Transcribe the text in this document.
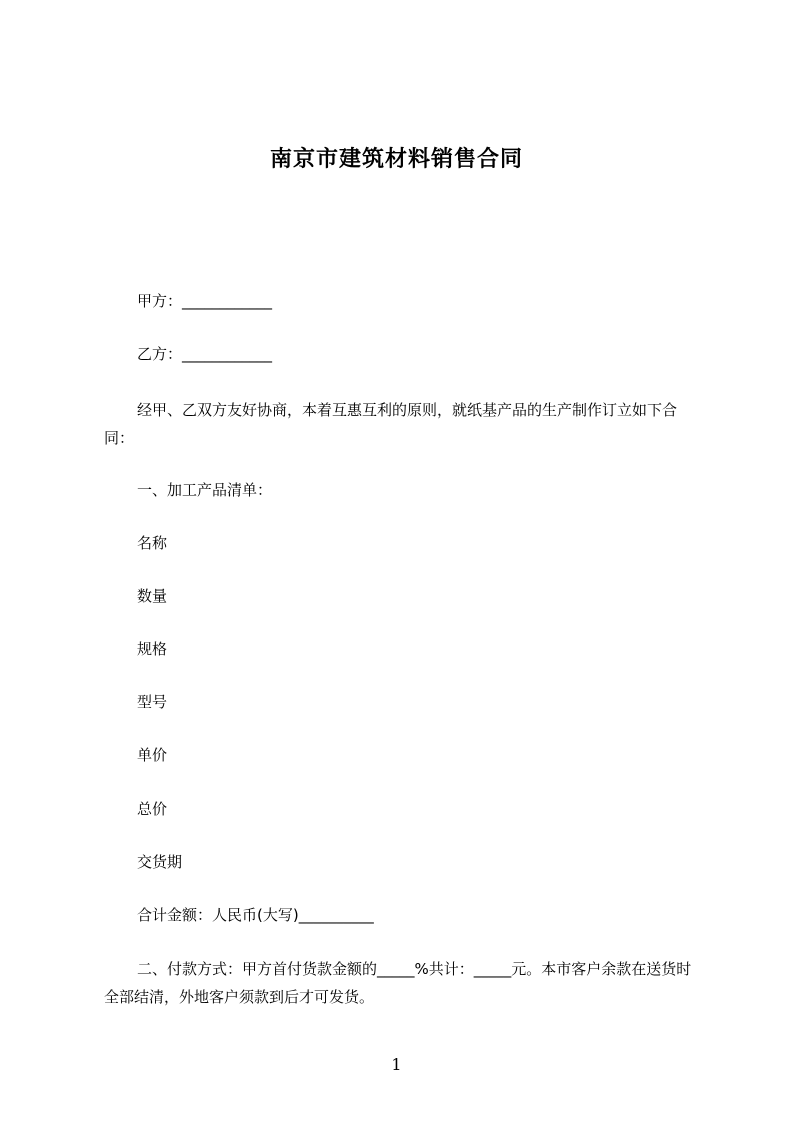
南京市建筑材料销售合同
甲方：____________
乙方：____________
经甲、乙双方友好协商，本着互惠互利的原则，就纸基产品的生产制作订立如下合同：
一、加工产品清单：
名称
数量
规格
型号
单价
总价
交货期
合计金额：人民币(大写)__________
二、付款方式：甲方首付货款金额的_____%共计：_____元。本市客户余款在送货时全部结清，外地客户须款到后才可发货。
1
